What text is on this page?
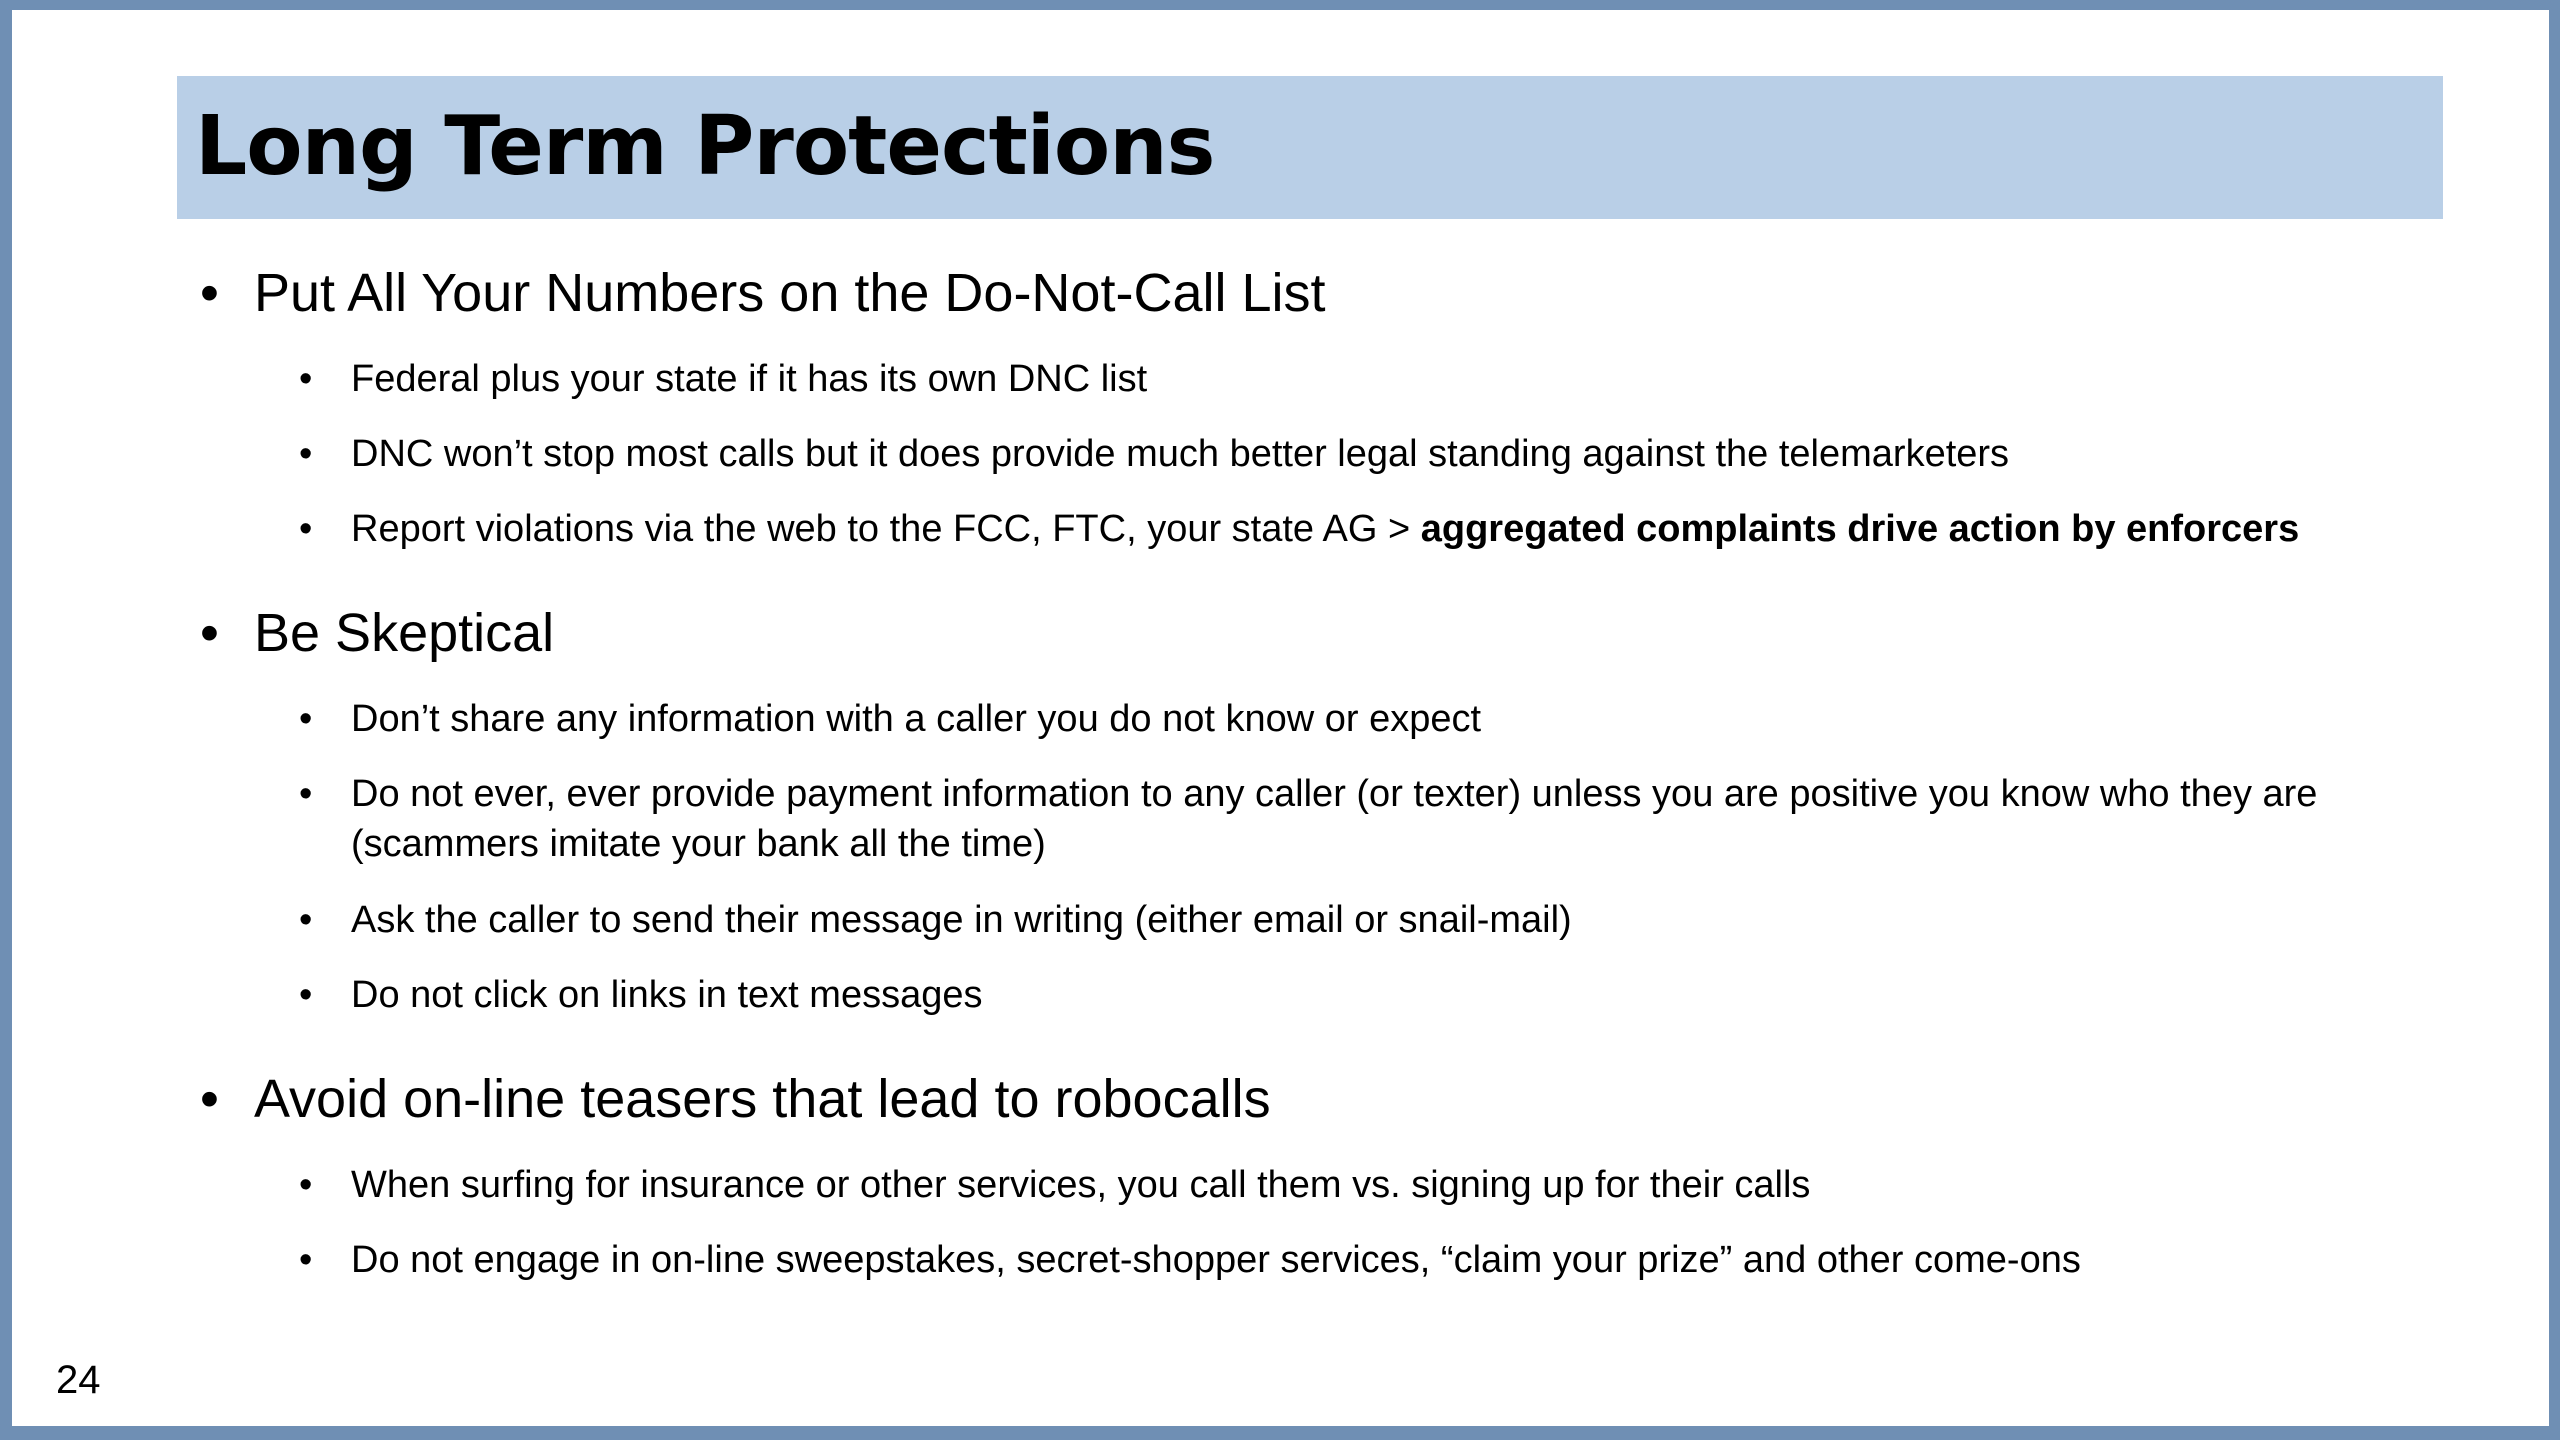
Long Term Protections
• Put All Your Numbers on the Do-Not-Call List
• Federal plus your state if it has its own DNC list
• DNC won’t stop most calls but it does provide much better legal standing against the telemarketers
• Report violations via the web to the FCC, FTC, your state AG > aggregated complaints drive action by enforcers
• Be Skeptical
• Don’t share any information with a caller you do not know or expect
• Do not ever, ever provide payment information to any caller (or texter) unless you are positive you know who they are (scammers imitate your bank all the time)
• Ask the caller to send their message in writing (either email or snail-mail)
• Do not click on links in text messages
• Avoid on-line teasers that lead to robocalls
• When surfing for insurance or other services, you call them vs. signing up for their calls
• Do not engage in on-line sweepstakes, secret-shopper services, “claim your prize” and other come-ons
24
